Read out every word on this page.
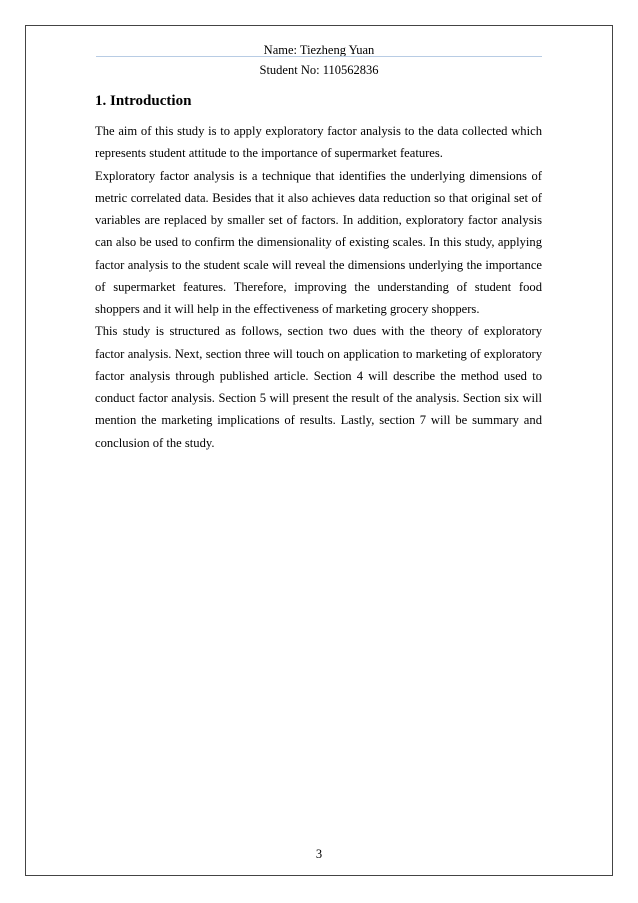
Name: Tiezheng Yuan
Student No: 110562836
1. Introduction

The aim of this study is to apply exploratory factor analysis to the data collected which represents student attitude to the importance of supermarket features.

Exploratory factor analysis is a technique that identifies the underlying dimensions of metric correlated data. Besides that it also achieves data reduction so that original set of variables are replaced by smaller set of factors. In addition, exploratory factor analysis can also be used to confirm the dimensionality of existing scales. In this study, applying factor analysis to the student scale will reveal the dimensions underlying the importance of supermarket features. Therefore, improving the understanding of student food shoppers and it will help in the effectiveness of marketing grocery shoppers.

This study is structured as follows, section two dues with the theory of exploratory factor analysis. Next, section three will touch on application to marketing of exploratory factor analysis through published article. Section 4 will describe the method used to conduct factor analysis. Section 5 will present the result of the analysis. Section six will mention the marketing implications of results. Lastly, section 7 will be summary and conclusion of the study.

3
